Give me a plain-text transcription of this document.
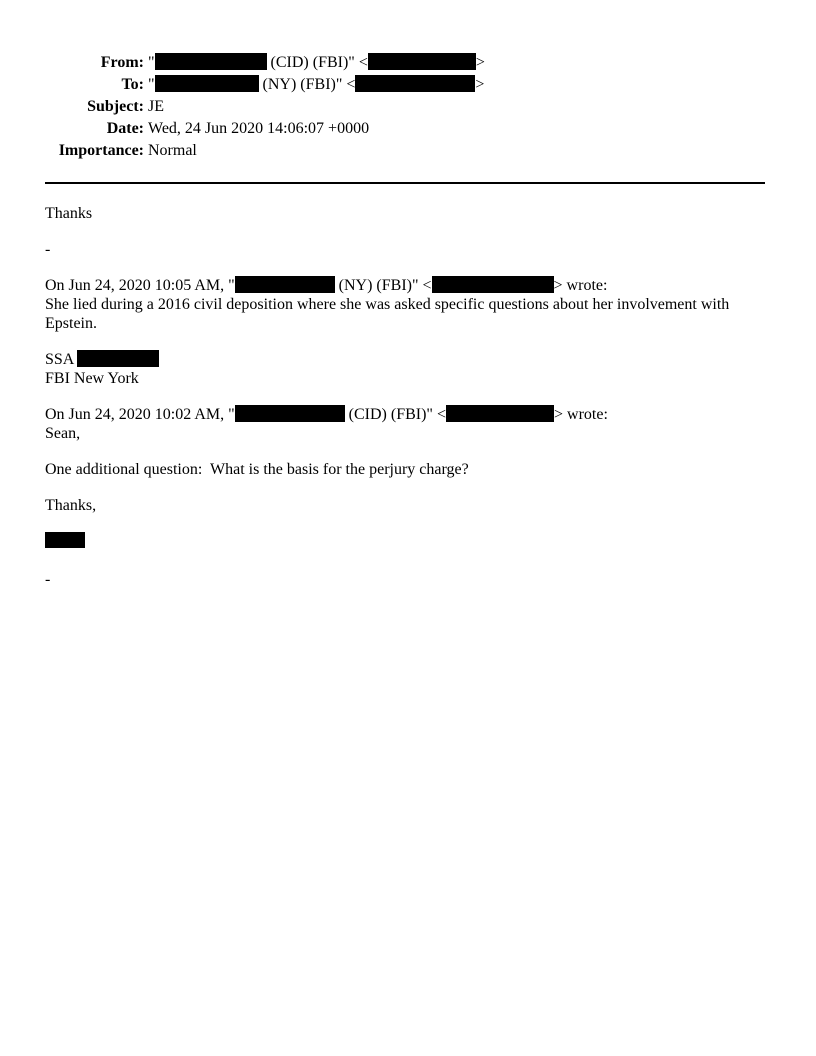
From: "	(CID) (FBI)" <	>
To: "	(NY) (FBI)" <	>
Subject: JE
Date: Wed, 24 Jun 2020 14:06:07 +0000
Importance: Normal

Thanks

-

On Jun 24, 2020 10:05 AM, "	(NY) (FBI)" <	> wrote:
She lied during a 2016 civil deposition where she was asked specific questions about her involvement with Epstein.

SSA
FBI New York

On Jun 24, 2020 10:02 AM, "	(CID) (FBI)" <	> wrote:
Sean,

One additional question:  What is the basis for the perjury charge?

Thanks,

-
